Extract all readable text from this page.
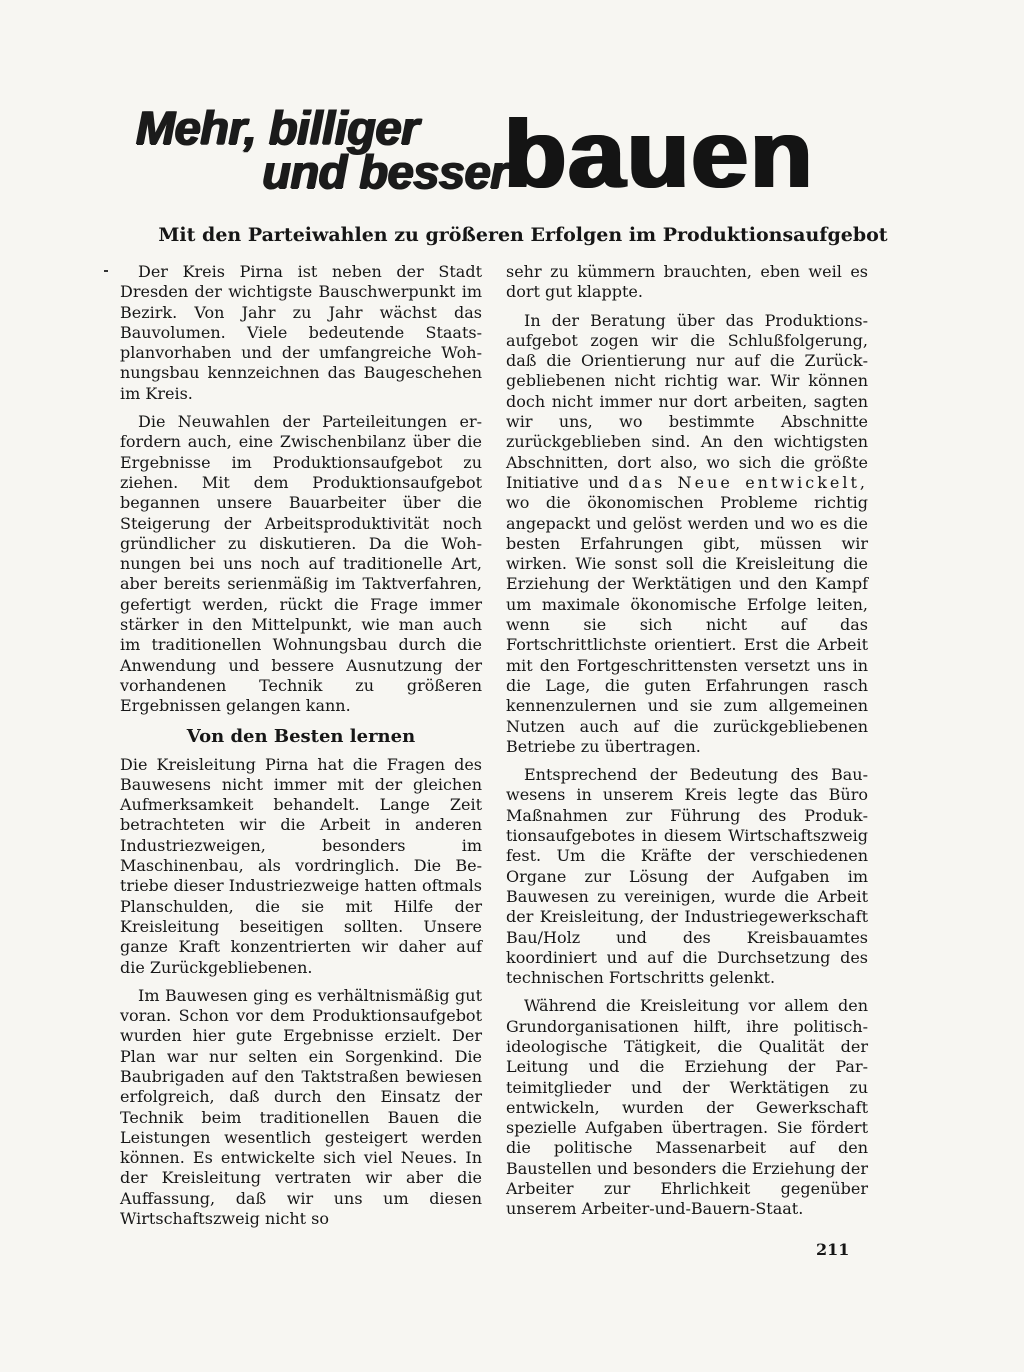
Mehr, billiger

und besser
bauen
Mit den Parteiwahlen zu größeren Erfolgen im Produktionsaufgebot

Der Kreis Pirna ist neben der Stadt Dresden der wichtigste Bauschwerpunkt im Bezirk. Von Jahr zu Jahr wächst das Bauvolumen. Viele bedeutende Staatsplanvorhaben und der umfangreiche Wohnungsbau kennzeichnen das Baugeschehen im Kreis.

Die Neuwahlen der Parteileitungen erfordern auch, eine Zwischenbilanz über die Ergebnisse im Produktionsaufgebot zu ziehen. Mit dem Produktionsaufgebot begannen unsere Bauarbeiter über die Steigerung der Arbeitsproduktivität noch gründlicher zu diskutieren. Da die Wohnungen bei uns noch auf traditionelle Art, aber bereits serienmäßig im Taktverfahren, gefertigt werden, rückt die Frage immer stärker in den Mittelpunkt, wie man auch im traditionellen Wohnungsbau durch die Anwendung und bessere Ausnutzung der vorhandenen Technik zu größeren Ergebnissen gelangen kann.

Von den Besten lernen

Die Kreisleitung Pirna hat die Fragen des Bauwesens nicht immer mit der gleichen Aufmerksamkeit behandelt. Lange Zeit betrachteten wir die Arbeit in anderen Industriezweigen, besonders im Maschinenbau, als vordringlich. Die Betriebe dieser Industriezweige hatten oftmals Planschulden, die sie mit Hilfe der Kreisleitung beseitigen sollten. Unsere ganze Kraft konzentrierten wir daher auf die Zurückgebliebenen.

Im Bauwesen ging es verhältnismäßig gut voran. Schon vor dem Produktionsaufgebot wurden hier gute Ergebnisse erzielt. Der Plan war nur selten ein Sorgenkind. Die Baubrigaden auf den Taktstraßen bewiesen erfolgreich, daß durch den Einsatz der Technik beim traditionellen Bauen die Leistungen wesentlich gesteigert werden können. Es entwickelte sich viel Neues. In der Kreisleitung vertraten wir aber die Auffassung, daß wir uns um diesen Wirtschaftszweig nicht so

sehr zu kümmern brauchten, eben weil es dort gut klappte.

In der Beratung über das Produktionsaufgebot zogen wir die Schlußfolgerung, daß die Orientierung nur auf die Zurückgebliebenen nicht richtig war. Wir können doch nicht immer nur dort arbeiten, sagten wir uns, wo bestimmte Abschnitte zurückgeblieben sind. An den wichtigsten Abschnitten, dort also, wo sich die größte Initiative und das Neue entwickelt, wo die ökonomischen Probleme richtig angepackt und gelöst werden und wo es die besten Erfahrungen gibt, müssen wir wirken. Wie sonst soll die Kreisleitung die Erziehung der Werktätigen und den Kampf um maximale ökonomische Erfolge leiten, wenn sie sich nicht auf das Fortschrittlichste orientiert. Erst die Arbeit mit den Fortgeschrittensten versetzt uns in die Lage, die guten Erfahrungen rasch kennenzulernen und sie zum allgemeinen Nutzen auch auf die zurückgebliebenen Betriebe zu übertragen.

Entsprechend der Bedeutung des Bauwesens in unserem Kreis legte das Büro Maßnahmen zur Führung des Produktionsaufgebotes in diesem Wirtschaftszweig fest. Um die Kräfte der verschiedenen Organe zur Lösung der Aufgaben im Bauwesen zu vereinigen, wurde die Arbeit der Kreisleitung, der Industriegewerkschaft Bau/Holz und des Kreisbauamtes koordiniert und auf die Durchsetzung des technischen Fortschritts gelenkt.

Während die Kreisleitung vor allem den Grundorganisationen hilft, ihre politisch-ideologische Tätigkeit, die Qualität der Leitung und die Erziehung der Parteimitglieder und der Werktätigen zu entwickeln, wurden der Gewerkschaft spezielle Aufgaben übertragen. Sie fördert die politische Massenarbeit auf den Baustellen und besonders die Erziehung der Arbeiter zur Ehrlichkeit gegenüber unserem Arbeiter-und-Bauern-Staat.

211
